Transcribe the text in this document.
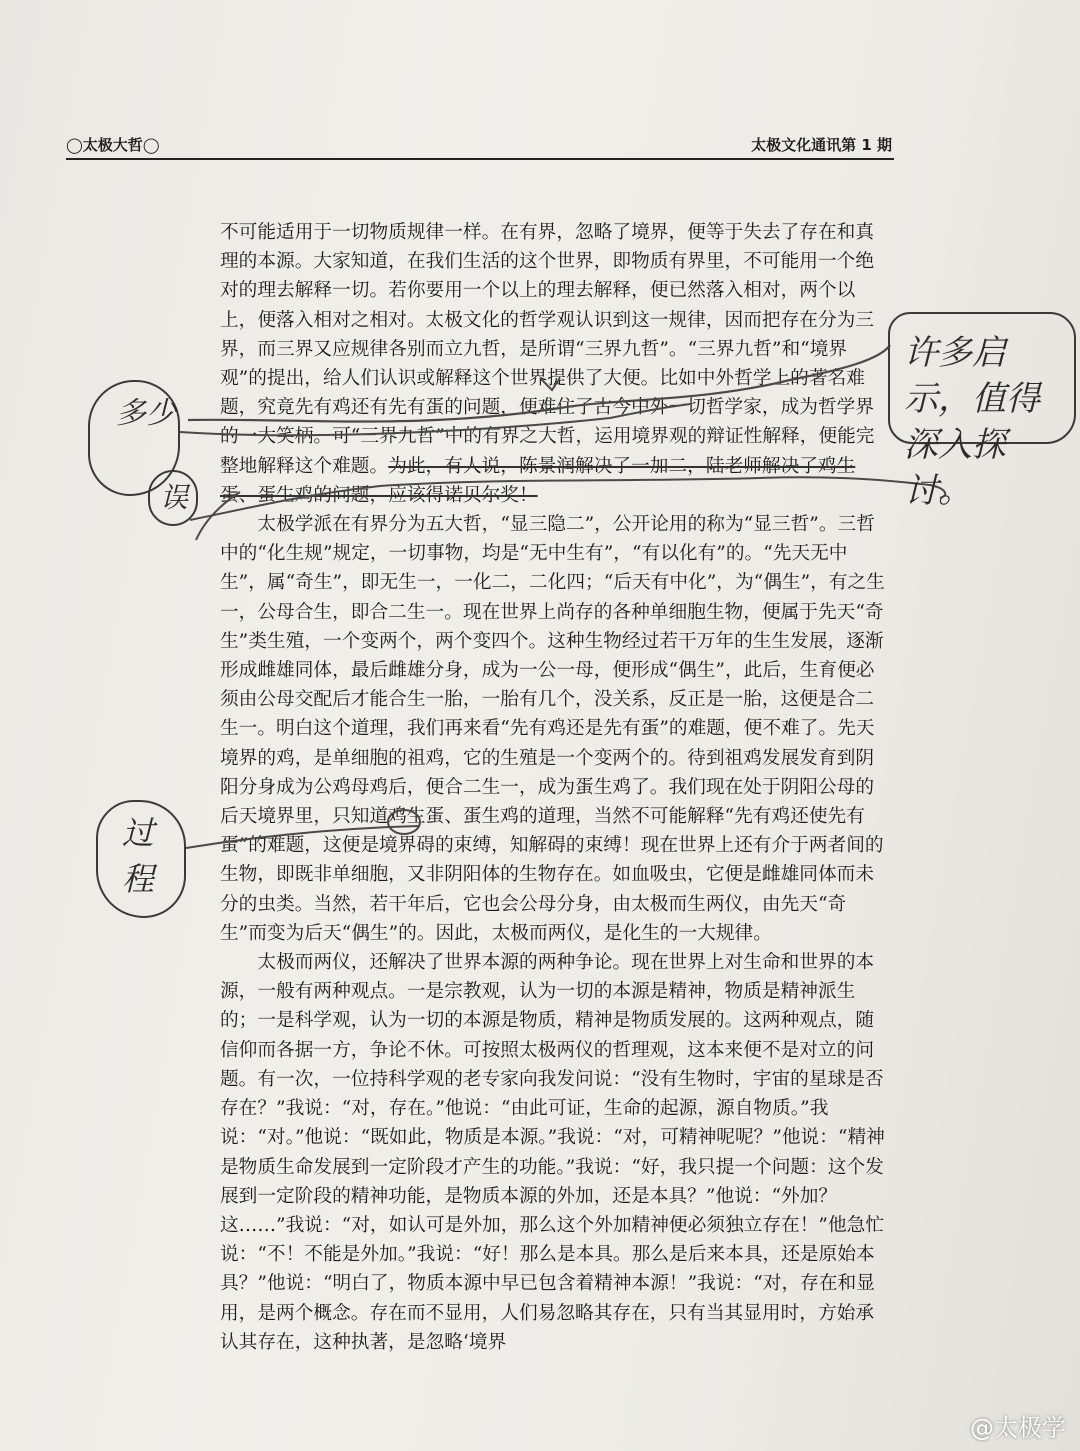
◯太极大哲◯	太极文化通讯第 1 期

不可能适用于一切物质规律一样。在有界，忽略了境界，便等于失去了存在和真理的本源。大家知道，在我们生活的这个世界，即物质有界里，不可能用一个绝对的理去解释一切。若你要用一个以上的理去解释，便已然落入相对，两个以上，便落入相对之相对。太极文化的哲学观认识到这一规律，因而把存在分为三界，而三界又应规律各别而立九哲，是所谓“三界九哲”。“三界九哲”和“境界观”的提出，给人们认识或解释这个世界提供了大便。比如中外哲学上的著名难题，究竟先有鸡还有先有蛋的问题，便难住了古今中外一切哲学家，成为哲学界的一大笑柄。可“三界九哲”中的有界之大哲，运用境界观的辩证性解释，便能完整地解释这个难题。为此，有人说，陈景润解决了一加二，陆老师解决了鸡生蛋、蛋生鸡的问题，应该得诺贝尔奖！

太极学派在有界分为五大哲，“显三隐二”，公开论用的称为“显三哲”。三哲中的“化生规”规定，一切事物，均是“无中生有”，“有以化有”的。“先天无中生”，属“奇生”，即无生一，一化二，二化四；“后天有中化”，为“偶生”，有之生一，公母合生，即合二生一。现在世界上尚存的各种单细胞生物，便属于先天“奇生”类生殖，一个变两个，两个变四个。这种生物经过若干万年的生生发展，逐渐形成雌雄同体，最后雌雄分身，成为一公一母，便形成“偶生”，此后，生育便必须由公母交配后才能合生一胎，一胎有几个，没关系，反正是一胎，这便是合二生一。明白这个道理，我们再来看“先有鸡还是先有蛋”的难题，便不难了。先天境界的鸡，是单细胞的祖鸡，它的生殖是一个变两个的。待到祖鸡发展发育到阴阳分身成为公鸡母鸡后，便合二生一，成为蛋生鸡了。我们现在处于阴阳公母的后天境界里，只知道鸡生蛋、蛋生鸡的道理，当然不可能解释“先有鸡还使先有蛋”的难题，这便是境界碍的束缚，知解碍的束缚！现在世界上还有介于两者间的生物，即既非单细胞，又非阴阳体的生物存在。如血吸虫，它便是雌雄同体而未分的虫类。当然，若干年后，它也会公母分身，由太极而生两仪，由先天“奇生”而变为后天“偶生”的。因此，太极而两仪，是化生的一大规律。

太极而两仪，还解决了世界本源的两种争论。现在世界上对生命和世界的本源，一般有两种观点。一是宗教观，认为一切的本源是精神，物质是精神派生的；一是科学观，认为一切的本源是物质，精神是物质发展的。这两种观点，随信仰而各据一方，争论不休。可按照太极两仪的哲理观，这本来便不是对立的问题。有一次，一位持科学观的老专家向我发问说：“没有生物时，宇宙的星球是否存在？”我说：“对，存在。”他说：“由此可证，生命的起源，源自物质。”我说：“对。”他说：“既如此，物质是本源。”我说：“对，可精神呢呢？”他说：“精神是物质生命发展到一定阶段才产生的功能。”我说：“好，我只提一个问题：这个发展到一定阶段的精神功能，是物质本源的外加，还是本具？”他说：“外加？这……”我说：“对，如认可是外加，那么这个外加精神便必须独立存在！”他急忙说：“不！不能是外加。”我说：“好！那么是本具。那么是后来本具，还是原始本具？”他说：“明白了，物质本源中早已包含着精神本源！”我说：“对，存在和显用，是两个概念。存在而不显用，人们易忽略其存在，只有当其显用时，方始承认其存在，这种执著，是忽略‘境界

许多启示，值得深入探讨。
多少
误
过程
@太极学
